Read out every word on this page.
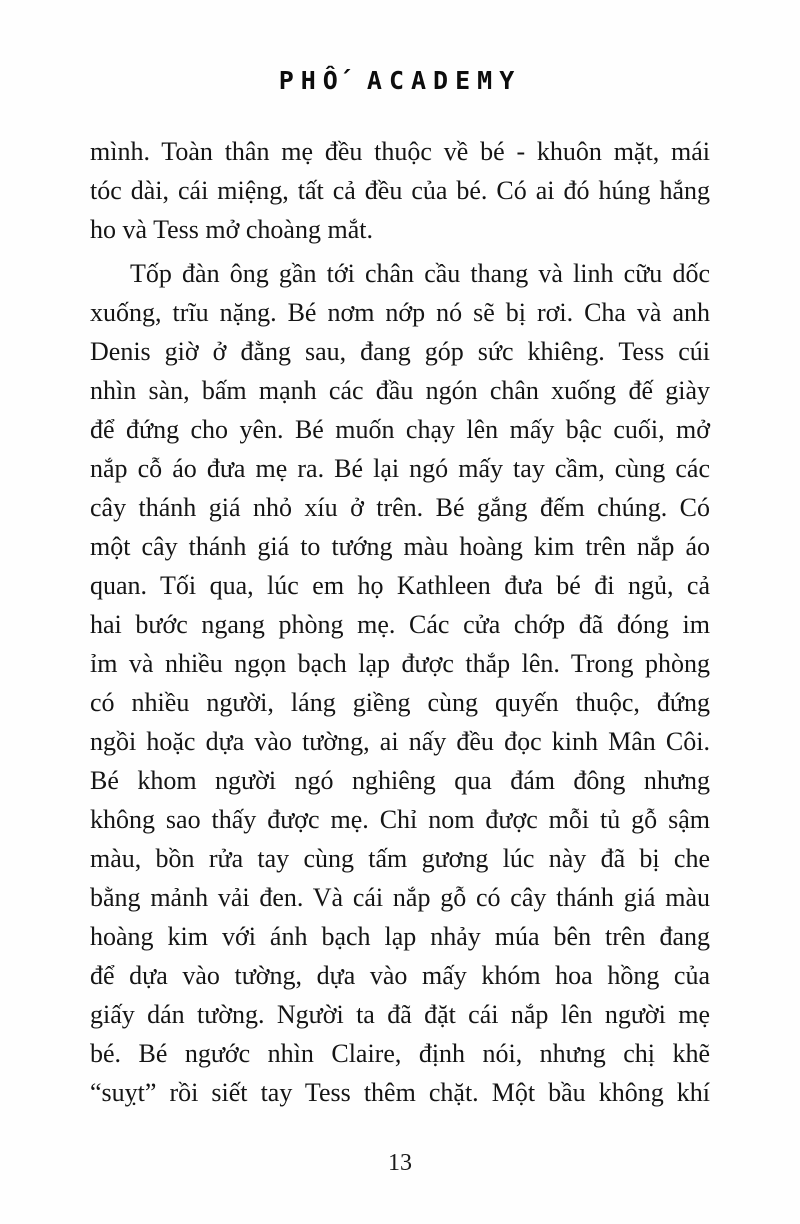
PHỐ ACADEMY
mình. Toàn thân mẹ đều thuộc về bé - khuôn mặt, mái
tóc dài, cái miệng, tất cả đều của bé. Có ai đó húng hắng
ho và Tess mở choàng mắt.
Tốp đàn ông gần tới chân cầu thang và linh cữu dốc
xuống, trĩu nặng. Bé nơm nớp nó sẽ bị rơi. Cha và anh
Denis giờ ở đằng sau, đang góp sức khiêng. Tess cúi
nhìn sàn, bấm mạnh các đầu ngón chân xuống đế giày
để đứng cho yên. Bé muốn chạy lên mấy bậc cuối, mở
nắp cỗ áo đưa mẹ ra. Bé lại ngó mấy tay cầm, cùng các
cây thánh giá nhỏ xíu ở trên. Bé gắng đếm chúng. Có
một cây thánh giá to tướng màu hoàng kim trên nắp áo
quan. Tối qua, lúc em họ Kathleen đưa bé đi ngủ, cả
hai bước ngang phòng mẹ. Các cửa chớp đã đóng im
ỉm và nhiều ngọn bạch lạp được thắp lên. Trong phòng
có nhiều người, láng giềng cùng quyến thuộc, đứng
ngồi hoặc dựa vào tường, ai nấy đều đọc kinh Mân Côi.
Bé khom người ngó nghiêng qua đám đông nhưng
không sao thấy được mẹ. Chỉ nom được mỗi tủ gỗ sậm
màu, bồn rửa tay cùng tấm gương lúc này đã bị che
bằng mảnh vải đen. Và cái nắp gỗ có cây thánh giá màu
hoàng kim với ánh bạch lạp nhảy múa bên trên đang
để dựa vào tường, dựa vào mấy khóm hoa hồng của
giấy dán tường. Người ta đã đặt cái nắp lên người mẹ
bé. Bé ngước nhìn Claire, định nói, nhưng chị khẽ
“suỵt” rồi siết tay Tess thêm chặt. Một bầu không khí
13
